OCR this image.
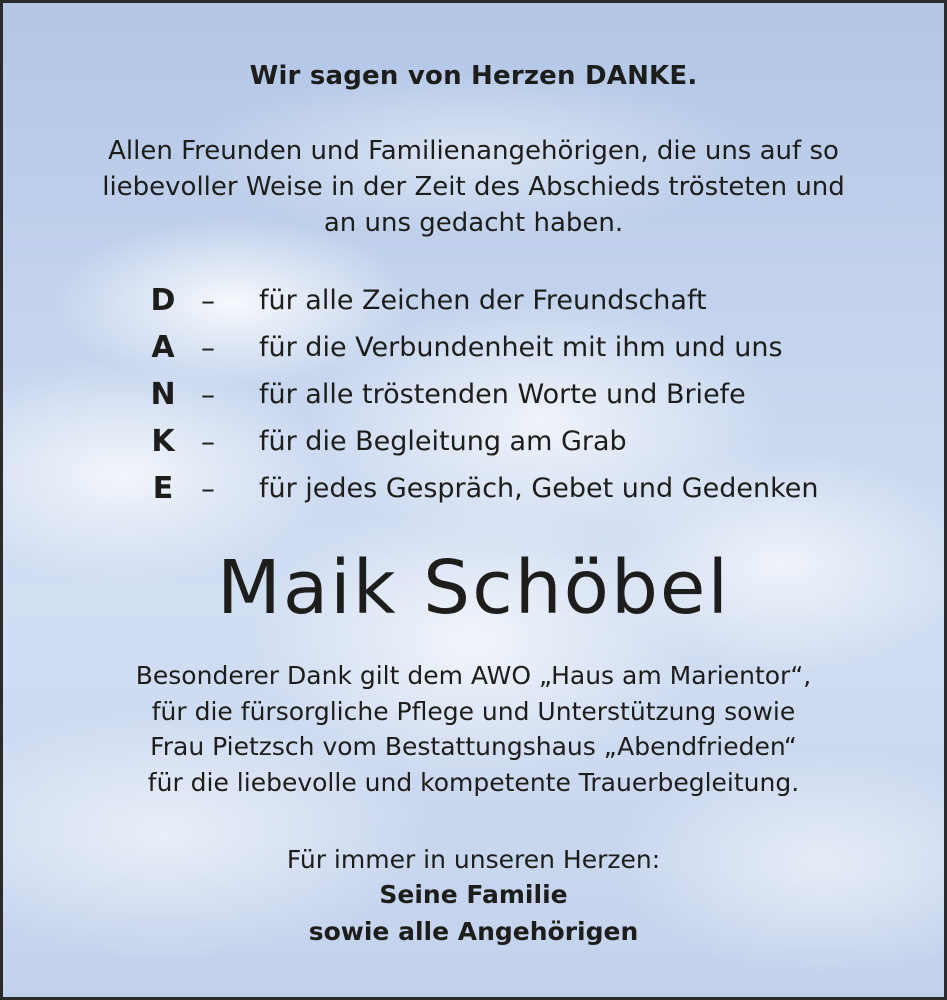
Wir sagen von Herzen DANKE.
Allen Freunden und Familienangehörigen, die uns auf so
liebevoller Weise in der Zeit des Abschieds trösteten und
an uns gedacht haben.
D – für alle Zeichen der Freundschaft
A – für die Verbundenheit mit ihm und uns
N – für alle tröstenden Worte und Briefe
K – für die Begleitung am Grab
E – für jedes Gespräch, Gebet und Gedenken
Maik Schöbel
Besonderer Dank gilt dem AWO „Haus am Marientor“,
für die fürsorgliche Pflege und Unterstützung sowie
Frau Pietzsch vom Bestattungshaus „Abendfrieden“
für die liebevolle und kompetente Trauerbegleitung.
Für immer in unseren Herzen:
Seine Familie
sowie alle Angehörigen
